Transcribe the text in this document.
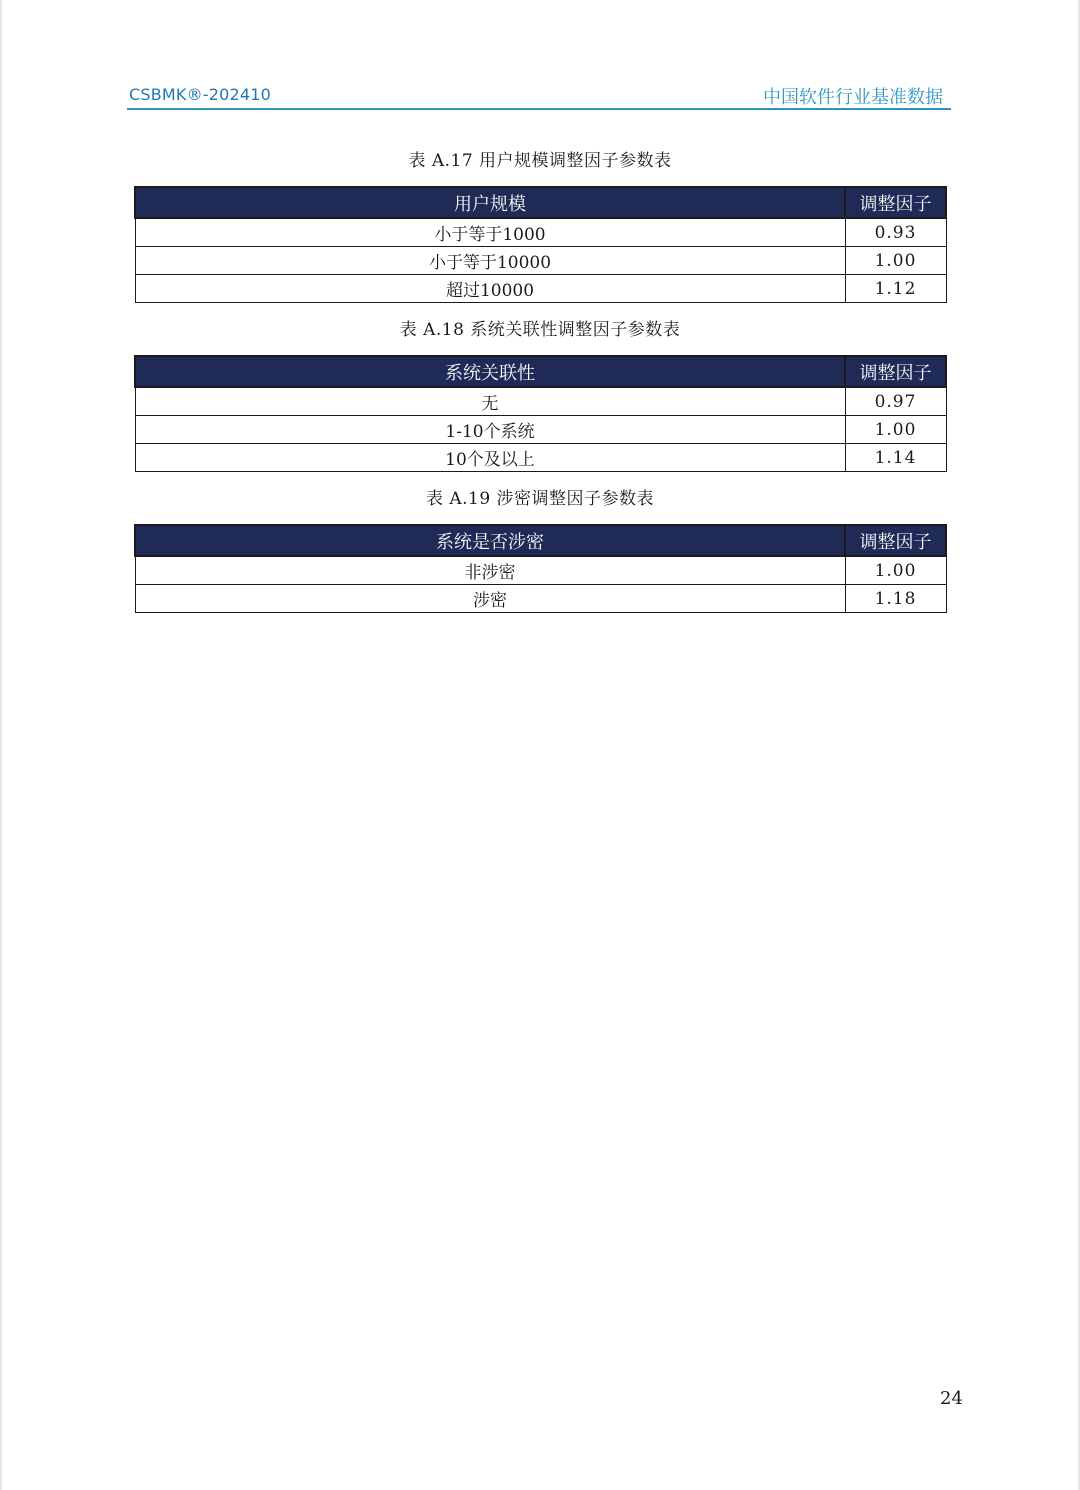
CSBMK®-202410	中国软件行业基准数据
表 A.17 用户规模调整因子参数表
用户规模	调整因子
小于等于1000	0.93
小于等于10000	1.00
超过10000	1.12
表 A.18 系统关联性调整因子参数表
系统关联性	调整因子
无	0.97
1-10个系统	1.00
10个及以上	1.14
表 A.19 涉密调整因子参数表
系统是否涉密	调整因子
非涉密	1.00
涉密	1.18
24
